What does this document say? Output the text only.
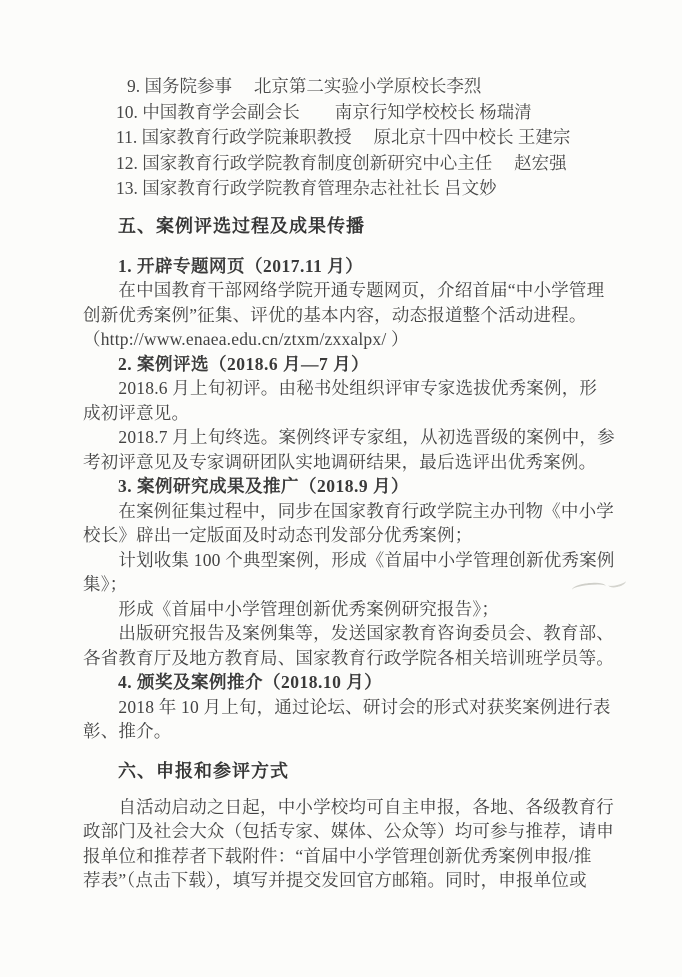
9. 国务院参事　 北京第二实验小学原校长李烈
10. 中国教育学会副会长　　南京行知学校校长 杨瑞清
11. 国家教育行政学院兼职教授　 原北京十四中校长 王建宗
12. 国家教育行政学院教育制度创新研究中心主任　 赵宏强
13. 国家教育行政学院教育管理杂志社社长 吕文妙
五、案例评选过程及成果传播
1. 开辟专题网页（2017.11 月）
　　在中国教育干部网络学院开通专题网页，介绍首届“中小学管理
创新优秀案例”征集、评优的基本内容，动态报道整个活动进程。
（http://www.enaea.edu.cn/ztxm/zxxalpx/ ）
2. 案例评选（2018.6 月—7 月）
　　2018.6 月上旬初评。由秘书处组织评审专家选拔优秀案例，形
成初评意见。
　　2018.7 月上旬终选。案例终评专家组，从初选晋级的案例中，参
考初评意见及专家调研团队实地调研结果，最后选评出优秀案例。
3. 案例研究成果及推广（2018.9 月）
　　在案例征集过程中，同步在国家教育行政学院主办刊物《中小学
校长》辟出一定版面及时动态刊发部分优秀案例；
　　计划收集 100 个典型案例，形成《首届中小学管理创新优秀案例
集》；
　　形成《首届中小学管理创新优秀案例研究报告》；
　　出版研究报告及案例集等，发送国家教育咨询委员会、教育部、
各省教育厅及地方教育局、国家教育行政学院各相关培训班学员等。
4. 颁奖及案例推介（2018.10 月）
　　2018 年 10 月上旬，通过论坛、研讨会的形式对获奖案例进行表
彰、推介。
六、申报和参评方式
　　自活动启动之日起，中小学校均可自主申报，各地、各级教育行
政部门及社会大众（包括专家、媒体、公众等）均可参与推荐，请申
报单位和推荐者下载附件：“首届中小学管理创新优秀案例申报/推
荐表”（点击下载），填写并提交发回官方邮箱。同时，申报单位或
